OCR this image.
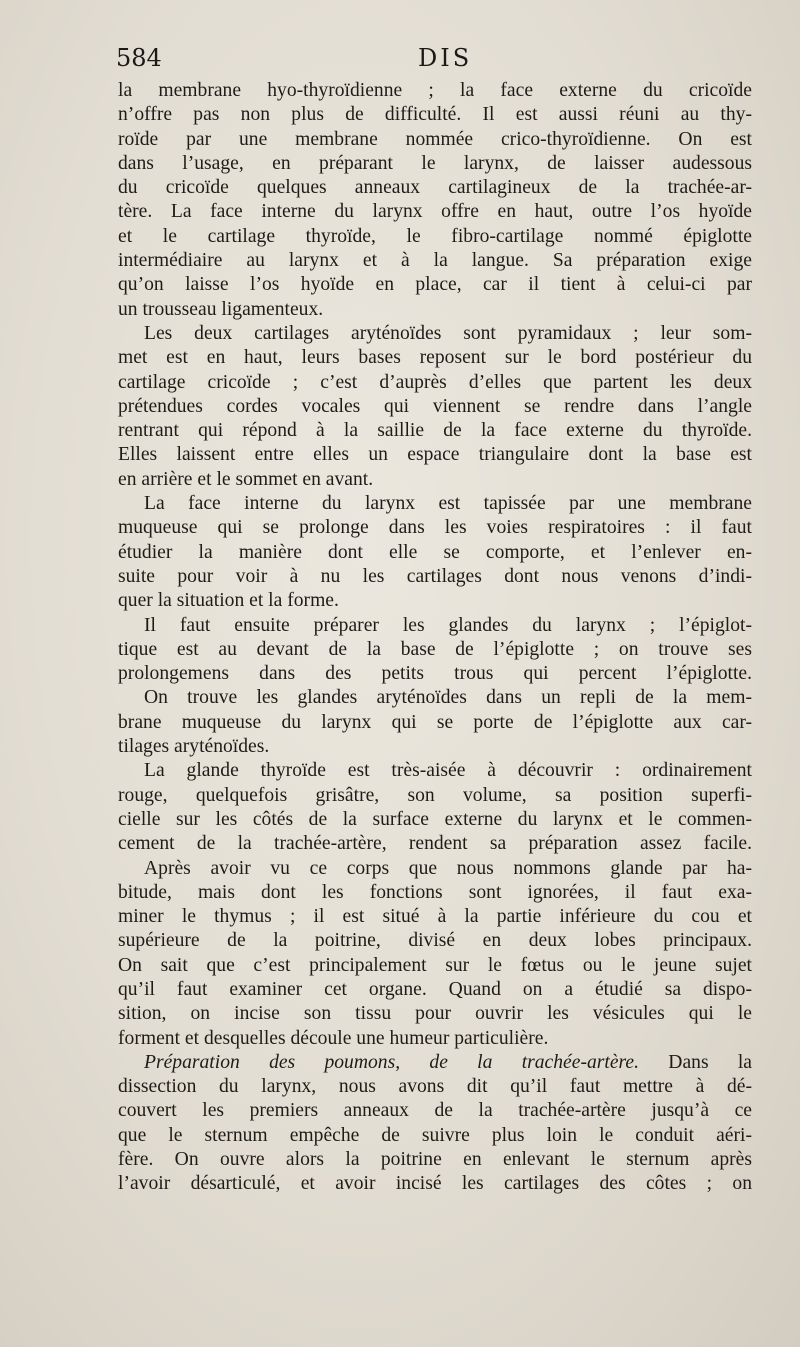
584	DIS
la membrane hyo-thyroïdienne ; la face externe du cricoïde
n’offre pas non plus de difficulté. Il est aussi réuni au thy-
roïde par une membrane nommée crico-thyroïdienne. On est
dans l’usage, en préparant le larynx, de laisser audessous
du cricoïde quelques anneaux cartilagineux de la trachée-ar-
tère. La face interne du larynx offre en haut, outre l’os hyoïde
et le cartilage thyroïde, le fibro-cartilage nommé épiglotte
intermédiaire au larynx et à la langue. Sa préparation exige
qu’on laisse l’os hyoïde en place, car il tient à celui-ci par
un trousseau ligamenteux.
Les deux cartilages aryténoïdes sont pyramidaux ; leur som-
met est en haut, leurs bases reposent sur le bord postérieur du
cartilage cricoïde ; c’est d’auprès d’elles que partent les deux
prétendues cordes vocales qui viennent se rendre dans l’angle
rentrant qui répond à la saillie de la face externe du thyroïde.
Elles laissent entre elles un espace triangulaire dont la base est
en arrière et le sommet en avant.
La face interne du larynx est tapissée par une membrane
muqueuse qui se prolonge dans les voies respiratoires : il faut
étudier la manière dont elle se comporte, et l’enlever en-
suite pour voir à nu les cartilages dont nous venons d’indi-
quer la situation et la forme.
Il faut ensuite préparer les glandes du larynx ; l’épiglot-
tique est au devant de la base de l’épiglotte ; on trouve ses
prolongemens dans des petits trous qui percent l’épiglotte.
On trouve les glandes aryténoïdes dans un repli de la mem-
brane muqueuse du larynx qui se porte de l’épiglotte aux car-
tilages aryténoïdes.
La glande thyroïde est très-aisée à découvrir : ordinairement
rouge, quelquefois grisâtre, son volume, sa position superfi-
cielle sur les côtés de la surface externe du larynx et le commen-
cement de la trachée-artère, rendent sa préparation assez facile.
Après avoir vu ce corps que nous nommons glande par ha-
bitude, mais dont les fonctions sont ignorées, il faut exa-
miner le thymus ; il est situé à la partie inférieure du cou et
supérieure de la poitrine, divisé en deux lobes principaux.
On sait que c’est principalement sur le fœtus ou le jeune sujet
qu’il faut examiner cet organe. Quand on a étudié sa dispo-
sition, on incise son tissu pour ouvrir les vésicules qui le
forment et desquelles découle une humeur particulière.
Préparation des poumons, de la trachée-artère. Dans la
dissection du larynx, nous avons dit qu’il faut mettre à dé-
couvert les premiers anneaux de la trachée-artère jusqu’à ce
que le sternum empêche de suivre plus loin le conduit aéri-
fère. On ouvre alors la poitrine en enlevant le sternum après
l’avoir désarticulé, et avoir incisé les cartilages des côtes ; on
